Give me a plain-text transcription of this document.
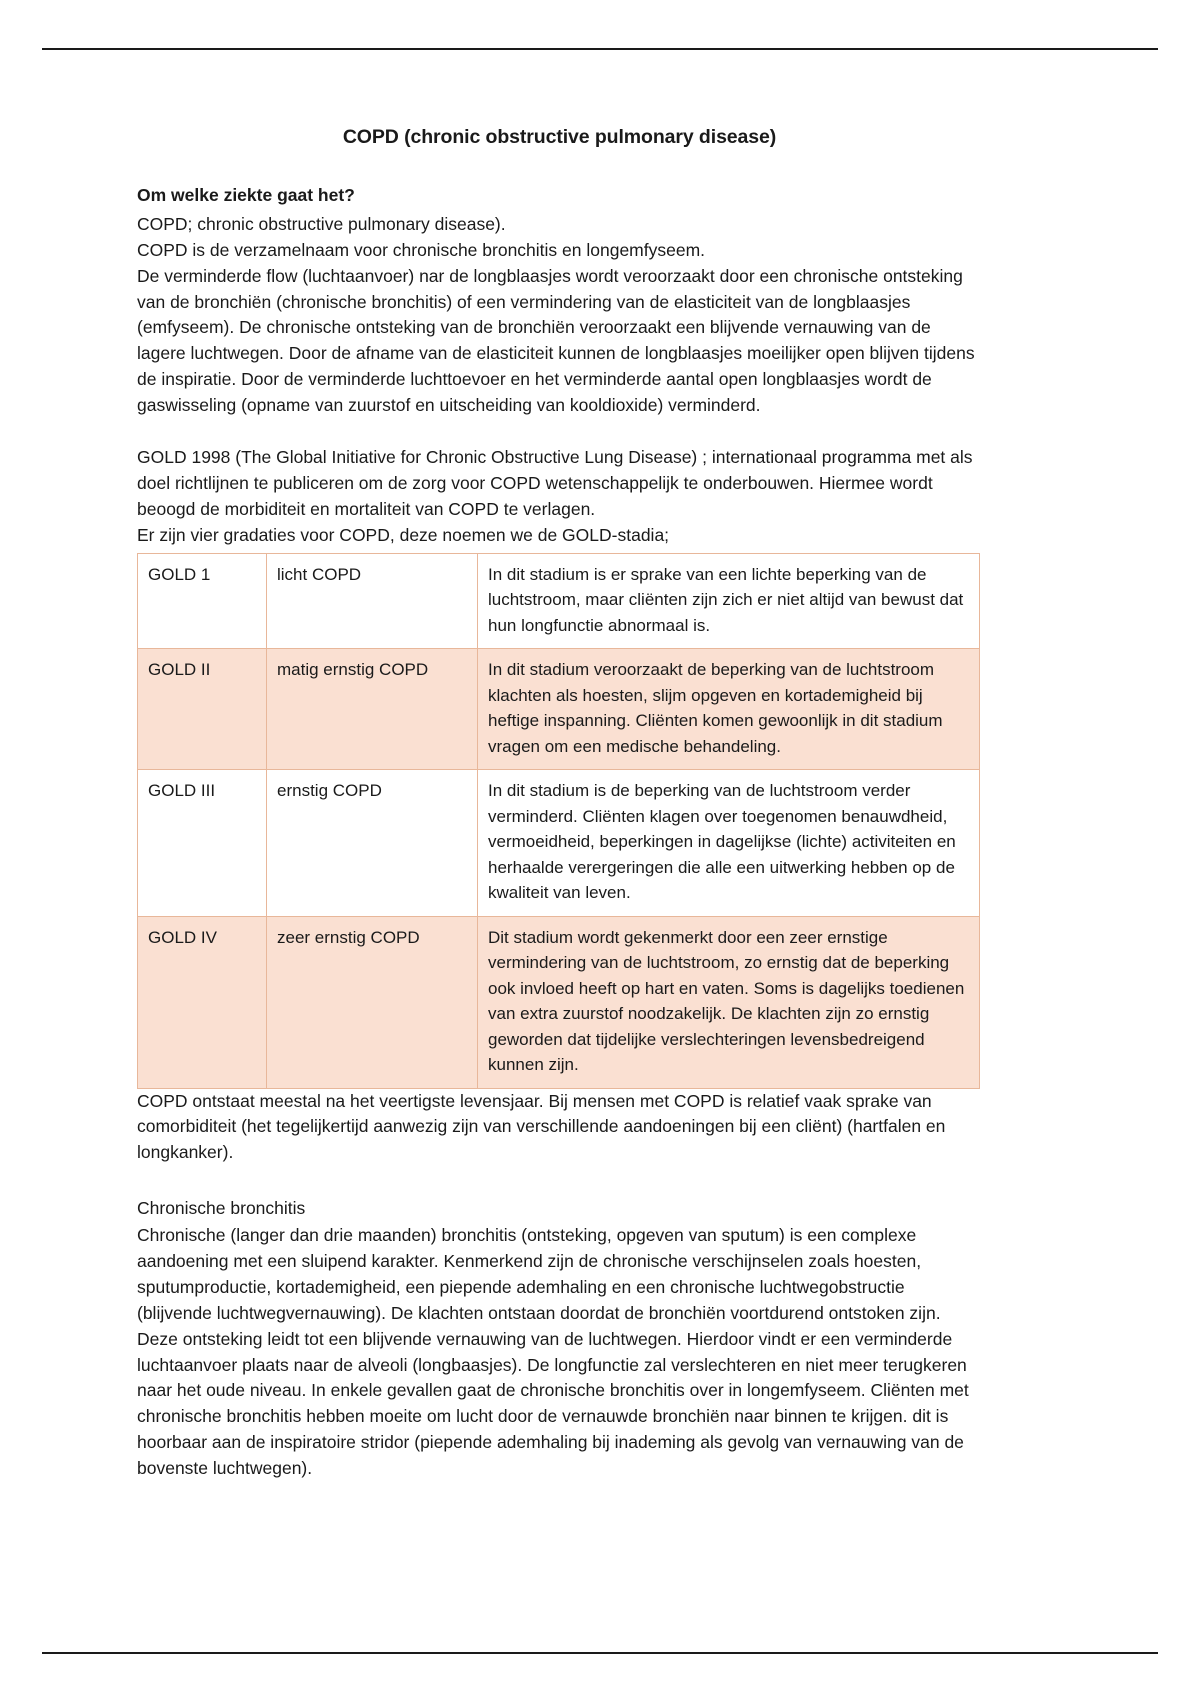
COPD (chronic obstructive pulmonary disease)
Om welke ziekte gaat het?
COPD; chronic obstructive pulmonary disease).
COPD is de verzamelnaam voor chronische bronchitis en longemfyseem.

De verminderde flow (luchtaanvoer) nar de longblaasjes wordt veroorzaakt door een chronische ontsteking van de bronchiën (chronische bronchitis) of een vermindering van de elasticiteit van de longblaasjes (emfyseem). De chronische ontsteking van de bronchiën veroorzaakt een blijvende vernauwing van de lagere luchtwegen. Door de afname van de elasticiteit kunnen de longblaasjes moeilijker open blijven tijdens de inspiratie. Door de verminderde luchttoevoer en het verminderde aantal open longblaasjes wordt de gaswisseling (opname van zuurstof en uitscheiding van kooldioxide) verminderd.

GOLD 1998 (The Global Initiative for Chronic Obstructive Lung Disease) ; internationaal programma met als doel richtlijnen te publiceren om de zorg voor COPD wetenschappelijk te onderbouwen. Hiermee wordt beoogd de morbiditeit en mortaliteit van COPD te verlagen.

Er zijn vier gradaties voor COPD, deze noemen we de GOLD-stadia;
GOLD 1	licht COPD	In dit stadium is er sprake van een lichte beperking van de luchtstroom, maar cliënten zijn zich er niet altijd van bewust dat hun longfunctie abnormaal is.
GOLD II	matig ernstig COPD	In dit stadium veroorzaakt de beperking van de luchtstroom klachten als hoesten, slijm opgeven en kortademigheid bij heftige inspanning. Cliënten komen gewoonlijk in dit stadium vragen om een medische behandeling.
GOLD III	ernstig COPD	In dit stadium is de beperking van de luchtstroom verder verminderd. Cliënten klagen over toegenomen benauwdheid, vermoeidheid, beperkingen in dagelijkse (lichte) activiteiten en herhaalde verergeringen die alle een uitwerking hebben op de kwaliteit van leven.
GOLD IV	zeer ernstig COPD	Dit stadium wordt gekenmerkt door een zeer ernstige vermindering van de luchtstroom, zo ernstig dat de beperking ook invloed heeft op hart en vaten. Soms is dagelijks toedienen van extra zuurstof noodzakelijk. De klachten zijn zo ernstig geworden dat tijdelijke verslechteringen levensbedreigend kunnen zijn.

COPD ontstaat meestal na het veertigste levensjaar. Bij mensen met COPD is relatief vaak sprake van comorbiditeit (het tegelijkertijd aanwezig zijn van verschillende aandoeningen bij een cliënt) (hartfalen en longkanker).

Chronische bronchitis

Chronische (langer dan drie maanden) bronchitis (ontsteking, opgeven van sputum) is een complexe aandoening met een sluipend karakter. Kenmerkend zijn de chronische verschijnselen zoals hoesten, sputumproductie, kortademigheid, een piepende ademhaling en een chronische luchtwegobstructie (blijvende luchtwegvernauwing). De klachten ontstaan doordat de bronchiën voortdurend ontstoken zijn. Deze ontsteking leidt tot een blijvende vernauwing van de luchtwegen. Hierdoor vindt er een verminderde luchtaanvoer plaats naar de alveoli (longbaasjes). De longfunctie zal verslechteren en niet meer terugkeren naar het oude niveau. In enkele gevallen gaat de chronische bronchitis over in longemfyseem. Cliënten met chronische bronchitis hebben moeite om lucht door de vernauwde bronchiën naar binnen te krijgen. dit is hoorbaar aan de inspiratoire stridor (piepende ademhaling bij inademing als gevolg van vernauwing van de bovenste luchtwegen).
